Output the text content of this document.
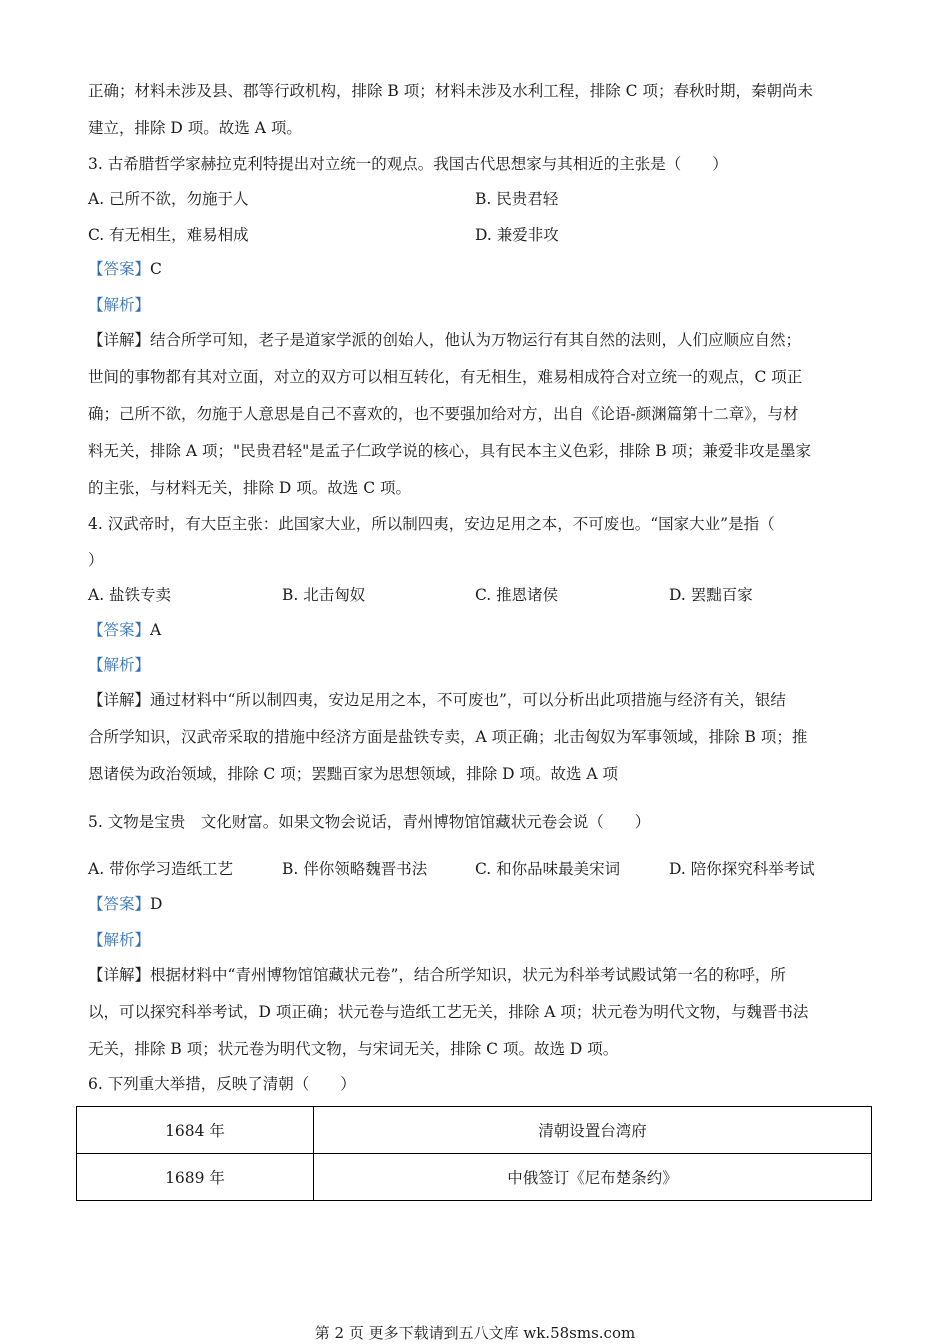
正确；材料未涉及县、郡等行政机构，排除 B 项；材料未涉及水利工程，排除 C 项；春秋时期，秦朝尚未
建立，排除 D 项。故选 A 项。
3. 古希腊哲学家赫拉克利特提出对立统一的观点。我国古代思想家与其相近的主张是（　　）
A. 己所不欲，勿施于人	B. 民贵君轻
C. 有无相生，难易相成	D. 兼爱非攻
【答案】C
【解析】
【详解】结合所学可知，老子是道家学派的创始人，他认为万物运行有其自然的法则，人们应顺应自然；
世间的事物都有其对立面，对立的双方可以相互转化，有无相生，难易相成符合对立统一的观点，C 项正
确；己所不欲，勿施于人意思是自己不喜欢的，也不要强加给对方，出自《论语-颜渊篇第十二章》，与材
料无关，排除 A 项；"民贵君轻"是孟子仁政学说的核心，具有民本主义色彩，排除 B 项；兼爱非攻是墨家
的主张，与材料无关，排除 D 项。故选 C 项。
4. 汉武帝时，有大臣主张：此国家大业，所以制四夷，安边足用之本，不可废也。“国家大业”是指（
）
A. 盐铁专卖	B. 北击匈奴	C. 推恩诸侯	D. 罢黜百家
【答案】A
【解析】
【详解】通过材料中“所以制四夷，安边足用之本，不可废也”，可以分析出此项措施与经济有关，银结
合所学知识，汉武帝采取的措施中经济方面是盐铁专卖，A 项正确；北击匈奴为军事领域，排除 B 项；推
恩诸侯为政治领域，排除 C 项；罢黜百家为思想领域，排除 D 项。故选 A 项
5. 文物是宝贵　文化财富。如果文物会说话，青州博物馆馆藏状元卷会说（　　）
A. 带你学习造纸工艺	B. 伴你领略魏晋书法	C. 和你品味最美宋词	D. 陪你探究科举考试
【答案】D
【解析】
【详解】根据材料中“青州博物馆馆藏状元卷”，结合所学知识，状元为科举考试殿试第一名的称呼，所
以，可以探究科举考试，D 项正确；状元卷与造纸工艺无关，排除 A 项；状元卷为明代文物，与魏晋书法
无关，排除 B 项；状元卷为明代文物，与宋词无关，排除 C 项。故选 D 项。
6. 下列重大举措，反映了清朝（　　）
1684 年	清朝设置台湾府
1689 年	中俄签订《尼布楚条约》
第 2 页 更多下载请到五八文库 wk.58sms.com
